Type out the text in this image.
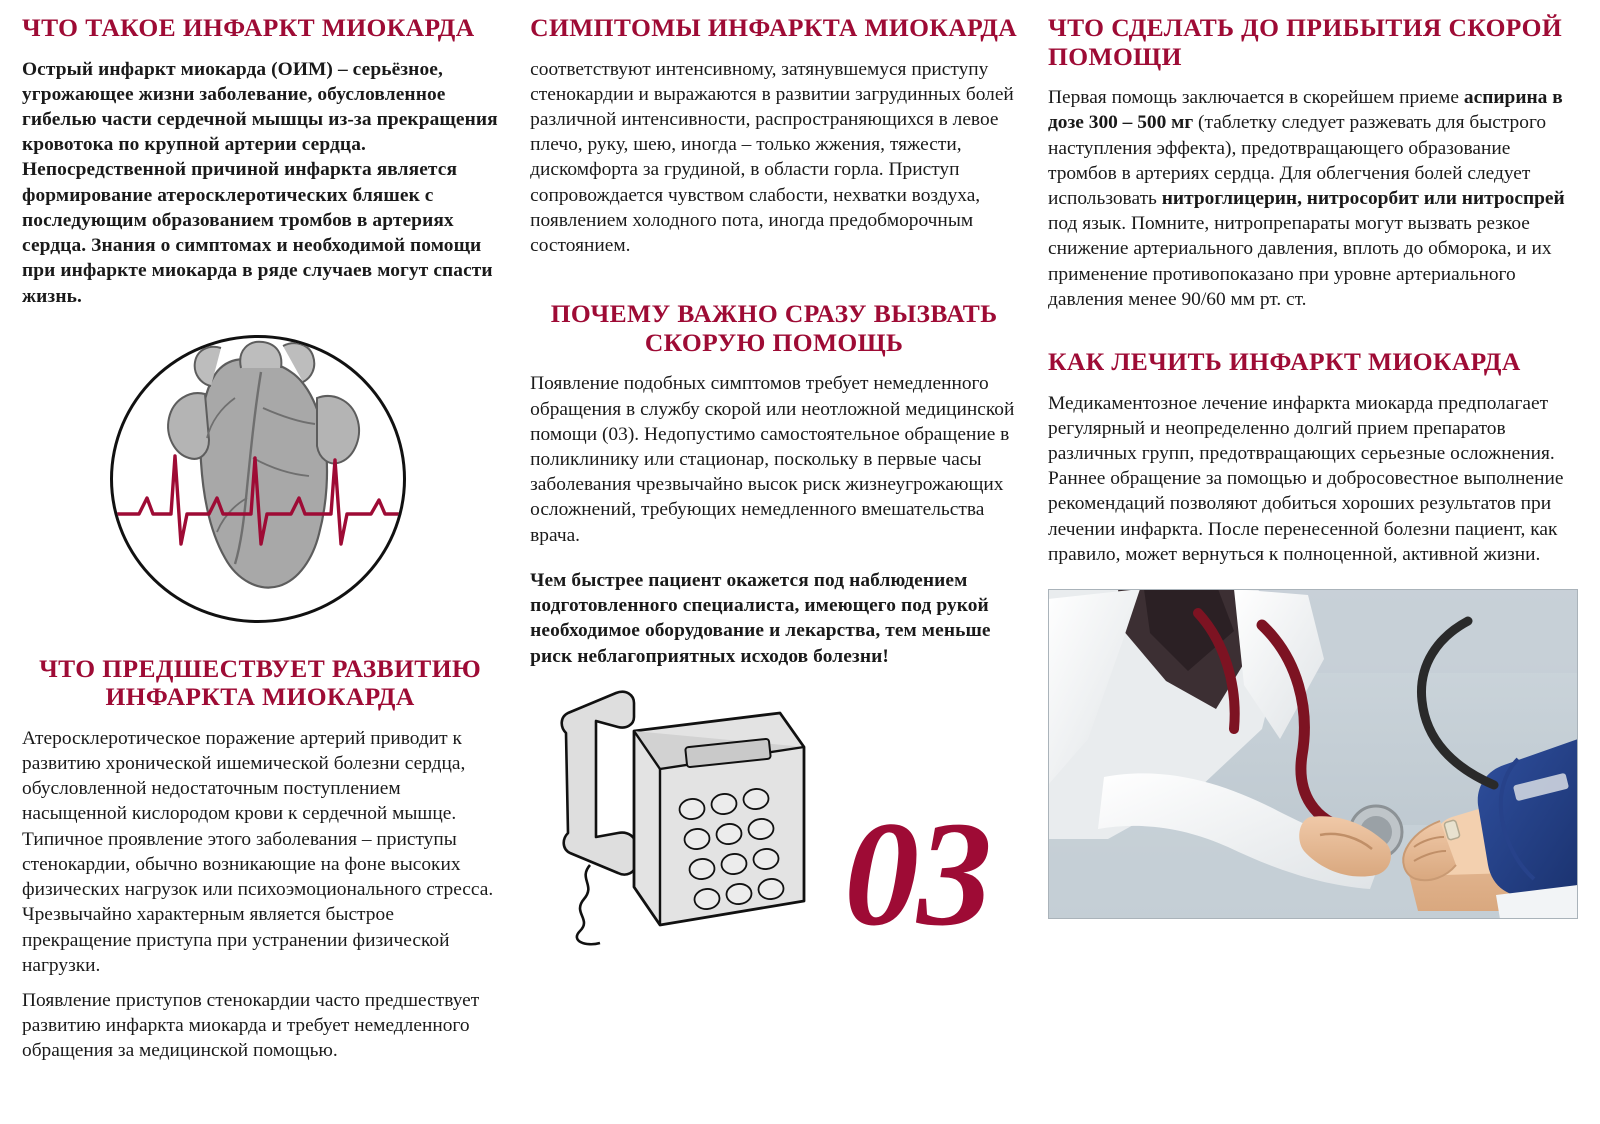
ЧТО ТАКОЕ ИНФАРКТ МИОКАРДА

Острый инфаркт миокарда (ОИМ) – серьёзное, угрожающее жизни заболевание, обусловленное гибелью части сердечной мышцы из-за прекращения кровотока по крупной артерии сердца. Непосредственной причиной инфаркта является формирование атеросклеротических бляшек с последующим образованием тромбов в артериях сердца. Знания о симптомах и необходимой помощи при инфаркте миокарда в ряде случаев могут спасти жизнь.

ЧТО ПРЕДШЕСТВУЕТ РАЗВИТИЮ ИНФАРКТА МИОКАРДА

Атеросклеротическое поражение артерий приводит к развитию хронической ишемической болезни сердца, обусловленной недостаточным поступлением насыщенной кислородом крови к сердечной мышце. Типичное проявление этого заболевания – приступы стенокардии, обычно возникающие на фоне высоких физических нагрузок или психоэмоционального стресса. Чрезвычайно характерным является быстрое прекращение приступа при устранении физической нагрузки.

Появление приступов стенокардии часто предшествует развитию инфаркта миокарда и требует немедленного обращения за медицинской помощью.

СИМПТОМЫ ИНФАРКТА МИОКАРДА

соответствуют интенсивному, затянувшемуся приступу стенокардии и выражаются в развитии загрудинных болей различной интенсивности, распространяющихся в левое плечо, руку, шею, иногда – только жжения, тяжести, дискомфорта за грудиной, в области горла. Приступ сопровождается чувством слабости, нехватки воздуха, появлением холодного пота, иногда предобморочным состоянием.

ПОЧЕМУ ВАЖНО СРАЗУ ВЫЗВАТЬ СКОРУЮ ПОМОЩЬ

Появление подобных симптомов требует немедленного обращения в службу скорой или неотложной медицинской помощи (03). Недопустимо самостоятельное обращение в поликлинику или стационар, поскольку в первые часы заболевания чрезвычайно высок риск жизнеугрожающих осложнений, требующих немедленного вмешательства врача.

Чем быстрее пациент окажется под наблюдением подготовленного специалиста, имеющего под рукой необходимое оборудование и лекарства, тем меньше риск неблагоприятных исходов болезни!

03
ЧТО СДЕЛАТЬ ДО ПРИБЫТИЯ СКОРОЙ ПОМОЩИ

Первая помощь заключается в скорейшем приеме аспирина в дозе 300 – 500 мг (таблетку следует разжевать для быстрого наступления эффекта), предотвращающего образование тромбов в артериях сердца. Для облегчения болей следует использовать нитроглицерин, нитросорбит или нитроспрей под язык. Помните, нитропрепараты могут вызвать резкое снижение артериального давления, вплоть до обморока, и их применение противопоказано при уровне артериального давления менее 90/60 мм рт. ст.

КАК ЛЕЧИТЬ ИНФАРКТ МИОКАРДА

Медикаментозное лечение инфаркта миокарда предполагает регулярный и неопределенно долгий прием препаратов различных групп, предотвращающих серьезные осложнения. Раннее обращение за помощью и добросовестное выполнение рекомендаций позволяют добиться хороших результатов при лечении инфаркта. После перенесенной болезни пациент, как правило, может вернуться к полноценной, активной жизни.
